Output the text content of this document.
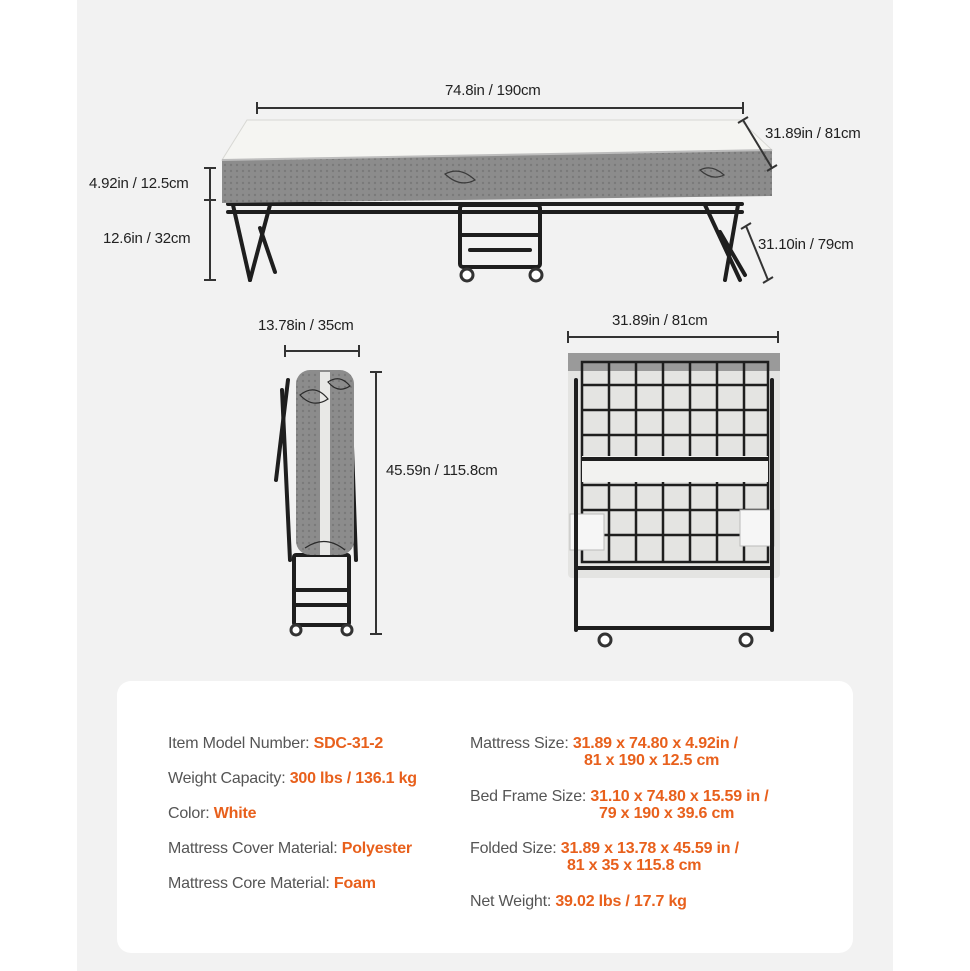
74.8in / 190cm
31.89in / 81cm
4.92in / 12.5cm
12.6in / 32cm	31.10in / 79cm
13.78in / 35cm
45.59n / 115.8cm
31.89in / 81cm
Item Model Number: SDC-31-2
Weight Capacity: 300 lbs / 136.1 kg
Color: White
Mattress Cover Material: Polyester
Mattress Core Material: Foam
Mattress Size: 31.89 x 74.80 x 4.92in /
81 x 190 x 12.5 cm
Bed Frame Size: 31.10 x 74.80 x 15.59 in /
79 x 190 x 39.6 cm
Folded Size: 31.89 x 13.78 x 45.59 in /
81 x 35 x 115.8 cm
Net Weight: 39.02 lbs / 17.7 kg
